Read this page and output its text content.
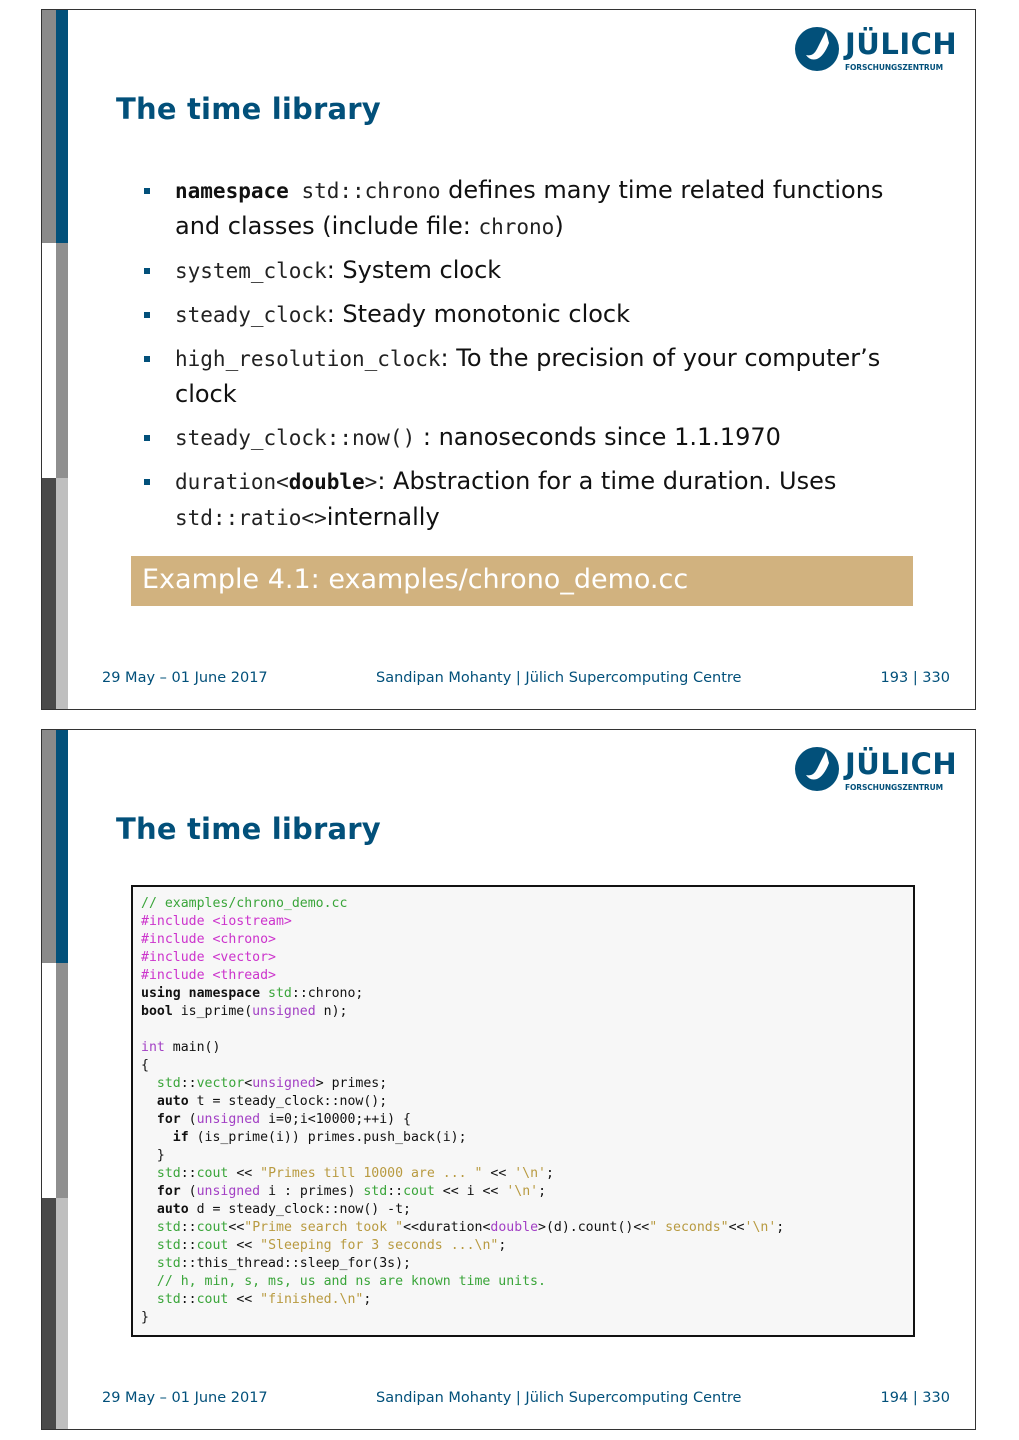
JÜLICH
FORSCHUNGSZENTRUM
The time library
namespace std::chrono defines many time related functions and classes (include file: chrono)
system_clock: System clock
steady_clock: Steady monotonic clock
high_resolution_clock: To the precision of your computer’s clock
steady_clock::now() : nanoseconds since 1.1.1970
duration<double>: Abstraction for a time duration. Uses std::ratio<>internally
Example 4.1: examples/chrono_demo.cc
29 May – 01 June 2017	Sandipan Mohanty | Jülich Supercomputing Centre	193 | 330
JÜLICH
FORSCHUNGSZENTRUM
The time library
// examples/chrono_demo.cc
#include <iostream>
#include <chrono>
#include <vector>
#include <thread>
using namespace std::chrono;
bool is_prime(unsigned n);
int main()
{
std::vector<unsigned> primes;
auto t = steady_clock::now();
for (unsigned i=0;i<10000;++i) {
if (is_prime(i)) primes.push_back(i);
}
std::cout << "Primes till 10000 are ... " << '\n';
for (unsigned i : primes) std::cout << i << '\n';
auto d = steady_clock::now() -t;
std::cout<<"Prime search took "<<duration<double>(d).count()<<" seconds"<<'\n';
std::cout << "Sleeping for 3 seconds ...\n";
std::this_thread::sleep_for(3s);
// h, min, s, ms, us and ns are known time units.
std::cout << "finished.\n";
}
29 May – 01 June 2017	Sandipan Mohanty | Jülich Supercomputing Centre	194 | 330
